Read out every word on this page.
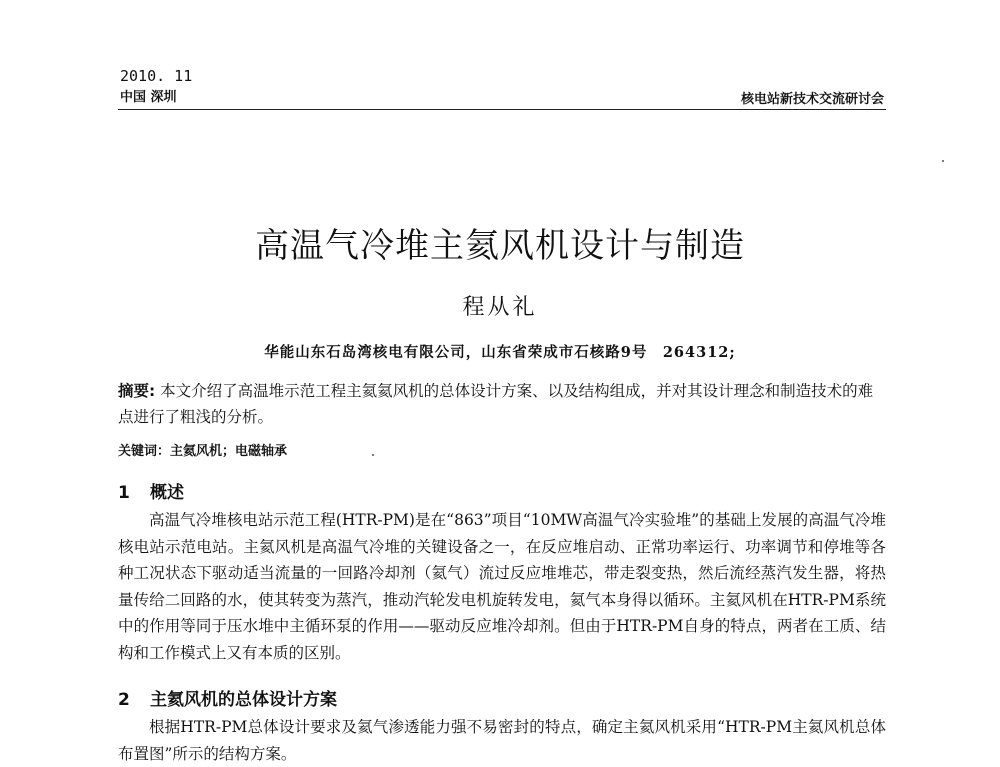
2010. 11
中国 深圳	核电站新技术交流研讨会
高温气冷堆主氦风机设计与制造
程从礼
华能山东石岛湾核电有限公司，山东省荣成市石核路9号　264312;
摘要: 本文介绍了高温堆示范工程主氦氦风机的总体设计方案、以及结构组成，并对其设计理念和制造技术的难点进行了粗浅的分析。
关键词：主氦风机；电磁轴承
1 概述
高温气冷堆核电站示范工程(HTR-PM)是在“863”项目“10MW高温气冷实验堆”的基础上发展的高温气冷堆核电站示范电站。主氦风机是高温气冷堆的关键设备之一，在反应堆启动、正常功率运行、功率调节和停堆等各种工况状态下驱动适当流量的一回路冷却剂（氦气）流过反应堆堆芯，带走裂变热，然后流经蒸汽发生器，将热量传给二回路的水，使其转变为蒸汽，推动汽轮发电机旋转发电，氦气本身得以循环。主氦风机在HTR-PM系统中的作用等同于压水堆中主循环泵的作用——驱动反应堆冷却剂。但由于HTR-PM自身的特点，两者在工质、结构和工作模式上又有本质的区别。
2 主氦风机的总体设计方案
根据HTR-PM总体设计要求及氦气渗透能力强不易密封的特点，确定主氦风机采用“HTR-PM主氦风机总体布置图”所示的结构方案。
